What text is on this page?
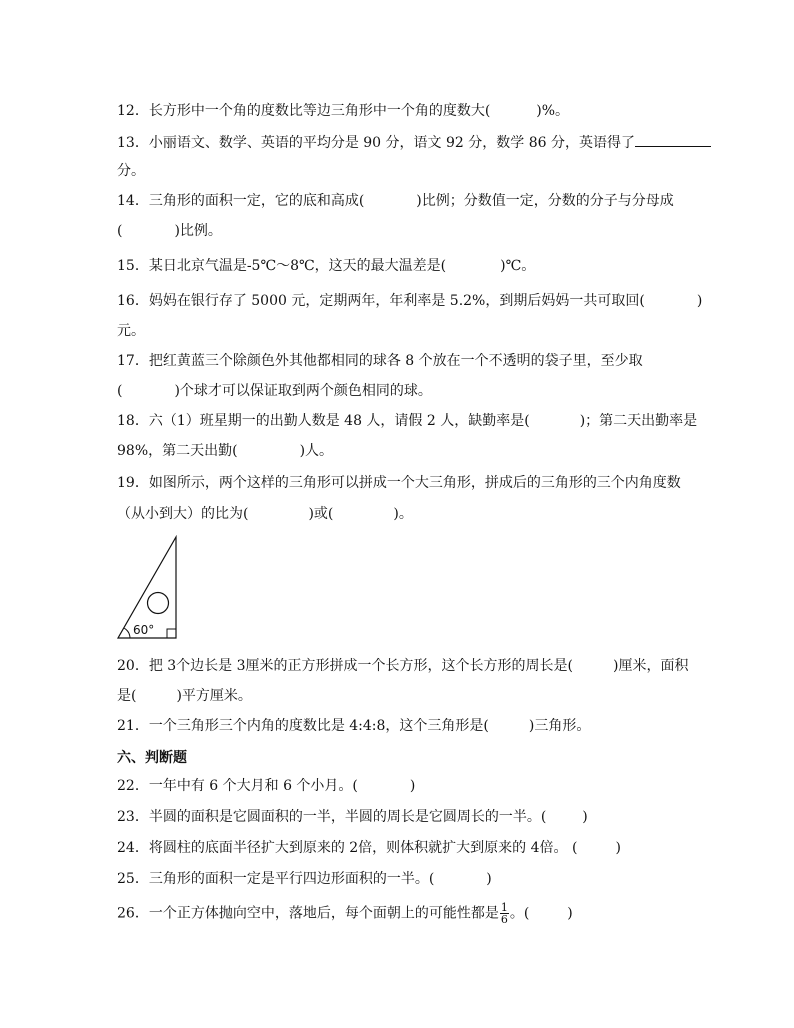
12．长方形中一个角的度数比等边三角形中一个角的度数大(	)%。
13．小丽语文、数学、英语的平均分是 90 分，语文 92 分，数学 86 分，英语得了
分。
14．三角形的面积一定，它的底和高成(	)比例；分数值一定，分数的分子与分母成
(	)比例。
15．某日北京气温是-5℃～8℃，这天的最大温差是(	)℃。
16．妈妈在银行存了 5000 元，定期两年，年利率是 5.2%，到期后妈妈一共可取回(	)
元。
17．把红黄蓝三个除颜色外其他都相同的球各 8 个放在一个不透明的袋子里，至少取
(	)个球才可以保证取到两个颜色相同的球。
18．六（1）班星期一的出勤人数是 48 人，请假 2 人，缺勤率是(	)；第二天出勤率是
98%，第二天出勤(	)人。
19．如图所示，两个这样的三角形可以拼成一个大三角形，拼成后的三角形的三个内角度数
（从小到大）的比为(	)或(	)。
60°
20．把 3个边长是 3厘米的正方形拼成一个长方形，这个长方形的周长是(	)厘米，面积
是(	)平方厘米。
21．一个三角形三个内角的度数比是 4:4:8，这个三角形是(	)三角形。
六、判断题
22．一年中有 6 个大月和 6 个小月。(	)
23．半圆的面积是它圆面积的一半，半圆的周长是它圆周长的一半。(	)
24．将圆柱的底面半径扩大到原来的 2倍，则体积就扩大到原来的 4倍。 (	)
25．三角形的面积一定是平行四边形面积的一半。(	)
26．一个正方体抛向空中，落地后，每个面朝上的可能性都是 $\frac{1}{6}$ 。(	)
